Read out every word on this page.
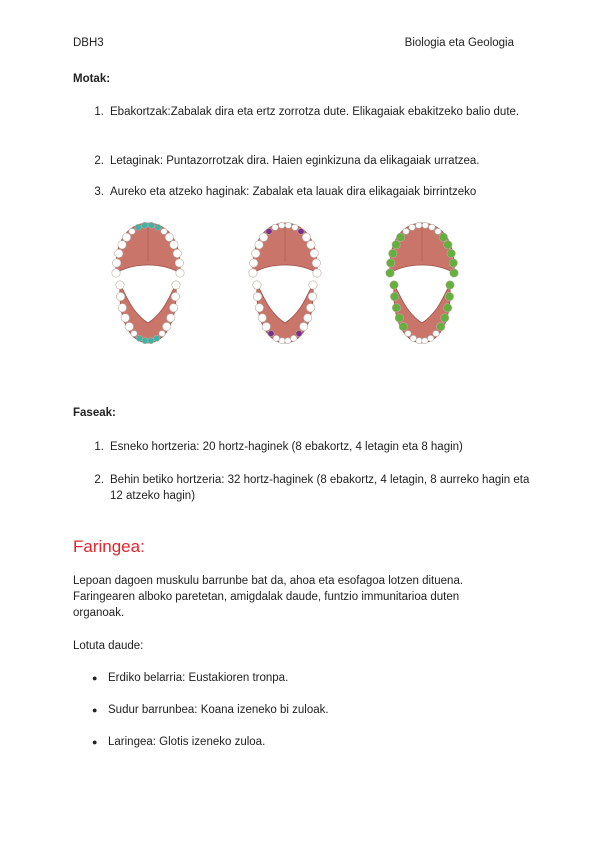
DBH3	Biologia eta Geologia
Motak:
1. Ebakortzak:Zabalak dira eta ertz zorrotza dute. Elikagaiak ebakitzeko balio dute.
2. Letaginak: Puntazorrotzak dira. Haien eginkizuna da elikagaiak urratzea.
3. Aureko eta atzeko haginak: Zabalak eta lauak dira elikagaiak birrintzeko
Faseak:
1. Esneko hortzeria: 20 hortz-haginek (8 ebakortz, 4 letagin eta 8 hagin)
2. Behin betiko hortzeria: 32 hortz-haginek (8 ebakortz, 4 letagin, 8 aurreko hagin eta 12 atzeko hagin)
Faringea:
Lepoan dagoen muskulu barrunbe bat da, ahoa eta esofagoa lotzen dituena. Faringearen alboko paretetan, amigdalak daude, funtzio immunitarioa duten organoak.
Lotuta daude:
● Erdiko belarria: Eustakioren tronpa.
● Sudur barrunbea: Koana izeneko bi zuloak.
● Laringea: Glotis izeneko zuloa.
